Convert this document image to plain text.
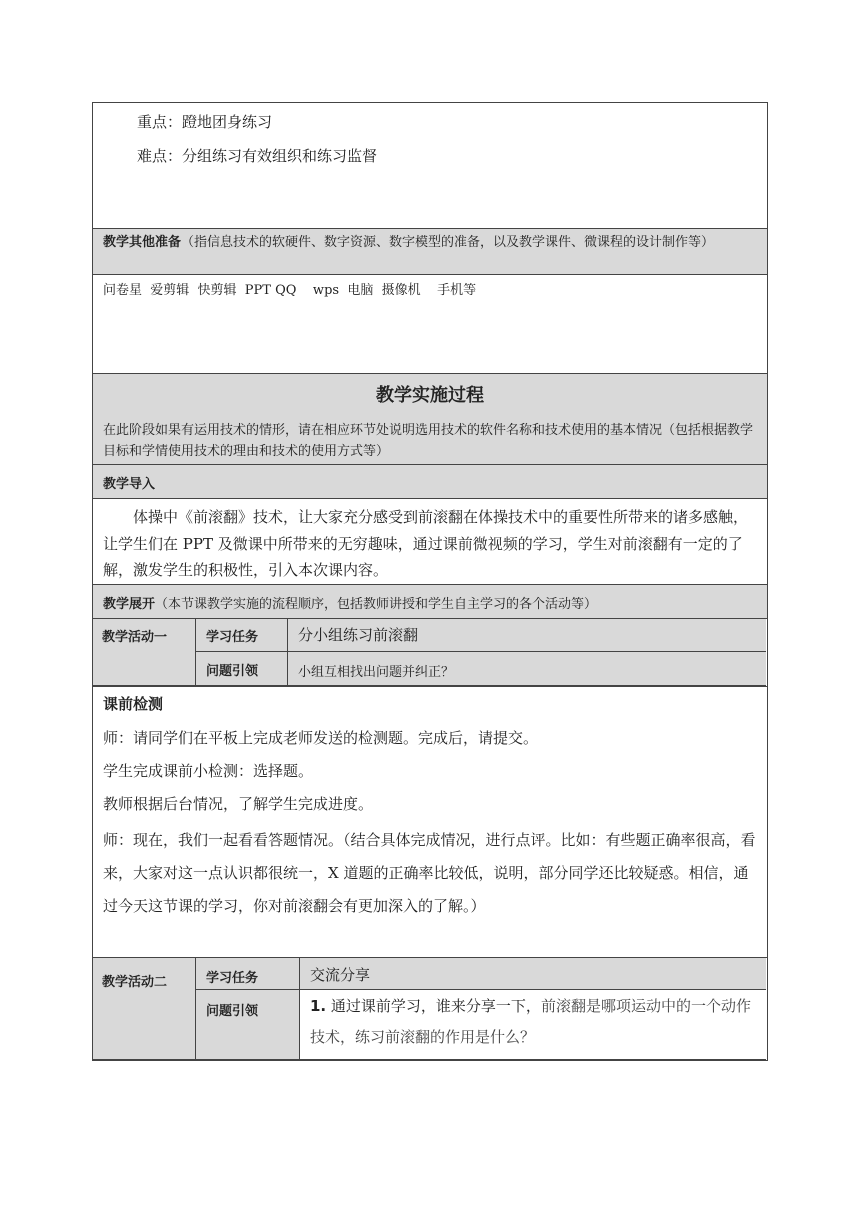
重点：蹬地团身练习

难点：分组练习有效组织和练习监督

教学其他准备（指信息技术的软硬件、数字资源、数字模型的准备，以及教学课件、微课程的设计制作等）

问卷星  爱剪辑  快剪辑  PPT QQ    wps  电脑  摄像机    手机等

教学实施过程

在此阶段如果有运用技术的情形，请在相应环节处说明选用技术的软件名称和技术使用的基本情况（包括根据教学目标和学情使用技术的理由和技术的使用方式等）

教学导入

体操中《前滚翻》技术，让大家充分感受到前滚翻在体操技术中的重要性所带来的诸多感触，让学生们在 PPT 及微课中所带来的无穷趣味，通过课前微视频的学习，学生对前滚翻有一定的了解，激发学生的积极性，引入本次课内容。

教学展开（本节课教学实施的流程顺序，包括教师讲授和学生自主学习的各个活动等）

教学活动一	学习任务	分小组练习前滚翻

问题引领	小组互相找出问题并纠正？

课前检测

师：请同学们在平板上完成老师发送的检测题。完成后，请提交。

学生完成课前小检测：选择题。

教师根据后台情况，了解学生完成进度。

师：现在，我们一起看看答题情况。（结合具体完成情况，进行点评。比如：有些题正确率很高，看来，大家对这一点认识都很统一，X 道题的正确率比较低，说明，部分同学还比较疑惑。相信，通过今天这节课的学习，你对前滚翻会有更加深入的了解。）

教学活动二	学习任务	交流分享

问题引领	1. 通过课前学习，谁来分享一下，前滚翻是哪项运动中的一个动作技术，练习前滚翻的作用是什么？
